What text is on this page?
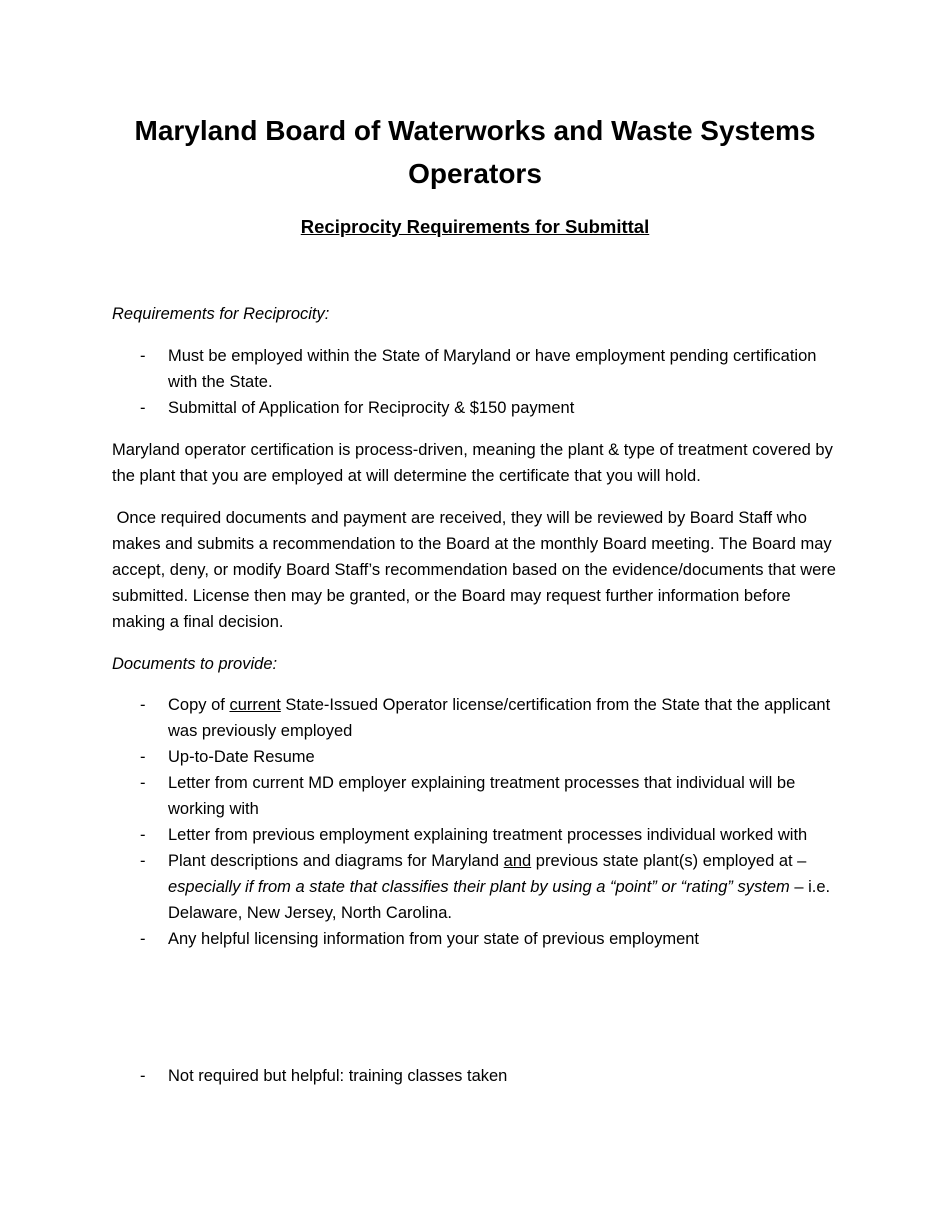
Maryland Board of Waterworks and Waste Systems Operators
Reciprocity Requirements for Submittal

Requirements for Reciprocity:

- Must be employed within the State of Maryland or have employment pending certification with the State.
- Submittal of Application for Reciprocity & $150 payment

Maryland operator certification is process-driven, meaning the plant & type of treatment covered by the plant that you are employed at will determine the certificate that you will hold.

Once required documents and payment are received, they will be reviewed by Board Staff who makes and submits a recommendation to the Board at the monthly Board meeting. The Board may accept, deny, or modify Board Staff’s recommendation based on the evidence/documents that were submitted. License then may be granted, or the Board may request further information before making a final decision.

Documents to provide:

- Copy of current State-Issued Operator license/certification from the State that the applicant was previously employed
- Up-to-Date Resume
- Letter from current MD employer explaining treatment processes that individual will be working with
- Letter from previous employment explaining treatment processes individual worked with
- Plant descriptions and diagrams for Maryland and previous state plant(s) employed at – especially if from a state that classifies their plant by using a “point” or “rating” system – i.e. Delaware, New Jersey, North Carolina.
- Any helpful licensing information from your state of previous employment
- Not required but helpful: training classes taken
